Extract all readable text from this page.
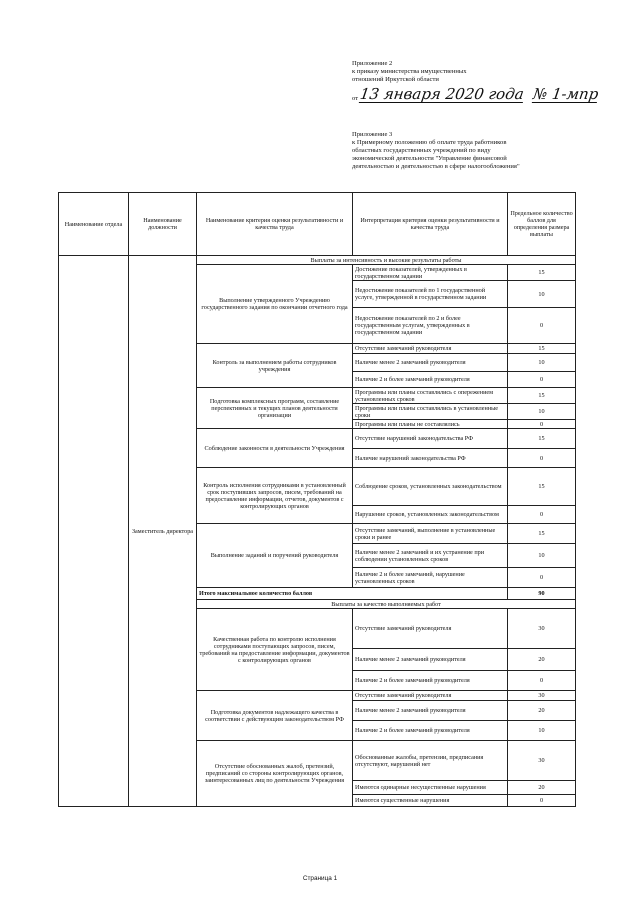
Приложение 2
к приказу министерства имущественных
отношений Иркутской области
от 13 января 2020 года № 1-мпр
Приложение 3
к Примерному положению об оплате труда работников
областных государственных учреждений по виду
экономической деятельности "Управление финансовой
деятельностью и деятельностью в сфере налогообложения"
Наименование отдела	Наименование должности	Наименование критерия оценки результативности и качества труда	Интерпретация критерия оценки результативности и качества труда	Предельное количество баллов для определения размера выплаты
	Заместитель директора	Выплаты за интенсивность и высокие результаты работы		
		Выполнение утвержденного Учреждению государственного задания по окончании отчетного года	Достижение показателей, утвержденных в государственном задании	15
			Недостижение показателей по 1 государственной услуге, утвержденной в государственном задании	10
			Недостижение показателей по 2 и более государственным услугам, утвержденных в государственном задании	0
		Контроль за выполнением работы сотрудников учреждения	Отсутствие замечаний руководителя	15
			Наличие менее 2 замечаний руководителя	10
			Наличие 2 и более замечаний руководителя	0
		Подготовка комплексных программ, составление перспективных и текущих планов деятельности организации	Программы или планы составлялись с опережением установленных сроков	15
			Программы или планы составлялись в установленные сроки	10
			Программы или планы не составлялись	0
		Соблюдение законности в деятельности Учреждения	Отсутствие нарушений законодательства РФ	15
			Наличие нарушений законодательства РФ	0
		Контроль исполнения сотрудниками в установленный срок поступивших запросов, писем, требований на предоставление информации, отчетов, документов с контролирующих органов	Соблюдение сроков, установленных законодательством	15
			Нарушение сроков, установленных законодательством	0
		Выполнение заданий и поручений руководителя	Отсутствие замечаний, выполнение в установленные сроки и ранее	15
			Наличие менее 2 замечаний и их устранение при соблюдении установленных сроков	10
			Наличие 2 и более замечаний, нарушение установленных сроков	0
		Итого максимальное количество баллов		90
		Выплаты за качество выполняемых работ		
		Качественная работа по контролю исполнения сотрудниками поступающих запросов, писем, требований на предоставление информации, документов с контролирующих органов	Отсутствие замечаний руководителя	30
			Наличие менее 2 замечаний руководителя	20
			Наличие 2 и более замечаний руководителя	0
		Подготовка документов надлежащего качества в соответствии с действующим законодательством РФ	Отсутствие замечаний руководителя	30
			Наличие менее 2 замечаний руководителя	20
			Наличие 2 и более замечаний руководителя	10
		Отсутствие обоснованных жалоб, претензий, предписаний со стороны контролирующих органов, заинтересованных лиц по деятельности Учреждения	Обоснованные жалобы, претензии, предписания отсутствуют, нарушений нет	30
			Имеются одинарные несущественные нарушения	20
			Имеются существенные нарушения	0
Страница 1
